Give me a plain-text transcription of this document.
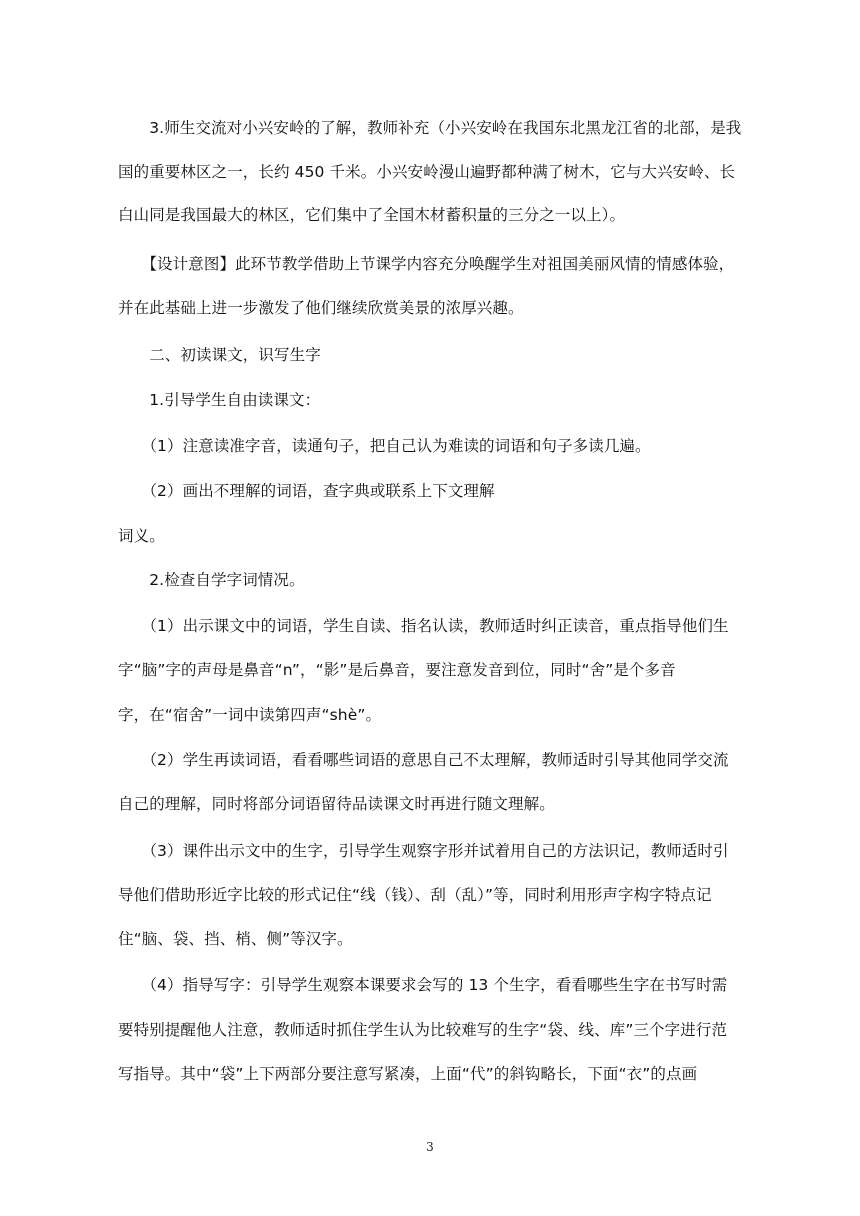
　　3.师生交流对小兴安岭的了解，教师补充（小兴安岭在我国东北黑龙江省的北部，是我
国的重要林区之一，长约 450 千米。小兴安岭漫山遍野都种满了树木，它与大兴安岭、长
白山同是我国最大的林区，它们集中了全国木材蓄积量的三分之一以上）。
　　【设计意图】此环节教学借助上节课学内容充分唤醒学生对祖国美丽风情的情感体验，
并在此基础上进一步激发了他们继续欣赏美景的浓厚兴趣。
　　二、初读课文，识写生字
　　1.引导学生自由读课文：
　　（1）注意读准字音，读通句子，把自己认为难读的词语和句子多读几遍。
　　（2）画出不理解的词语，查字典或联系上下文理解
词义。
　　2.检查自学字词情况。
　　（1）出示课文中的词语，学生自读、指名认读，教师适时纠正读音，重点指导他们生
字“脑”字的声母是鼻音“n”，“影”是后鼻音，要注意发音到位，同时“舍”是个多音
字，在“宿舍”一词中读第四声“shè”。
　　（2）学生再读词语，看看哪些词语的意思自己不太理解，教师适时引导其他同学交流
自己的理解，同时将部分词语留待品读课文时再进行随文理解。
　　（3）课件出示文中的生字，引导学生观察字形并试着用自己的方法识记，教师适时引
导他们借助形近字比较的形式记住“线（钱）、刮（乱）”等，同时利用形声字构字特点记
住“脑、袋、挡、梢、侧”等汉字。
　　（4）指导写字：引导学生观察本课要求会写的 13 个生字，看看哪些生字在书写时需
要特别提醒他人注意，教师适时抓住学生认为比较难写的生字“袋、线、库”三个字进行范
写指导。其中“袋”上下两部分要注意写紧凑，上面“代”的斜钩略长，下面“衣”的点画
3
